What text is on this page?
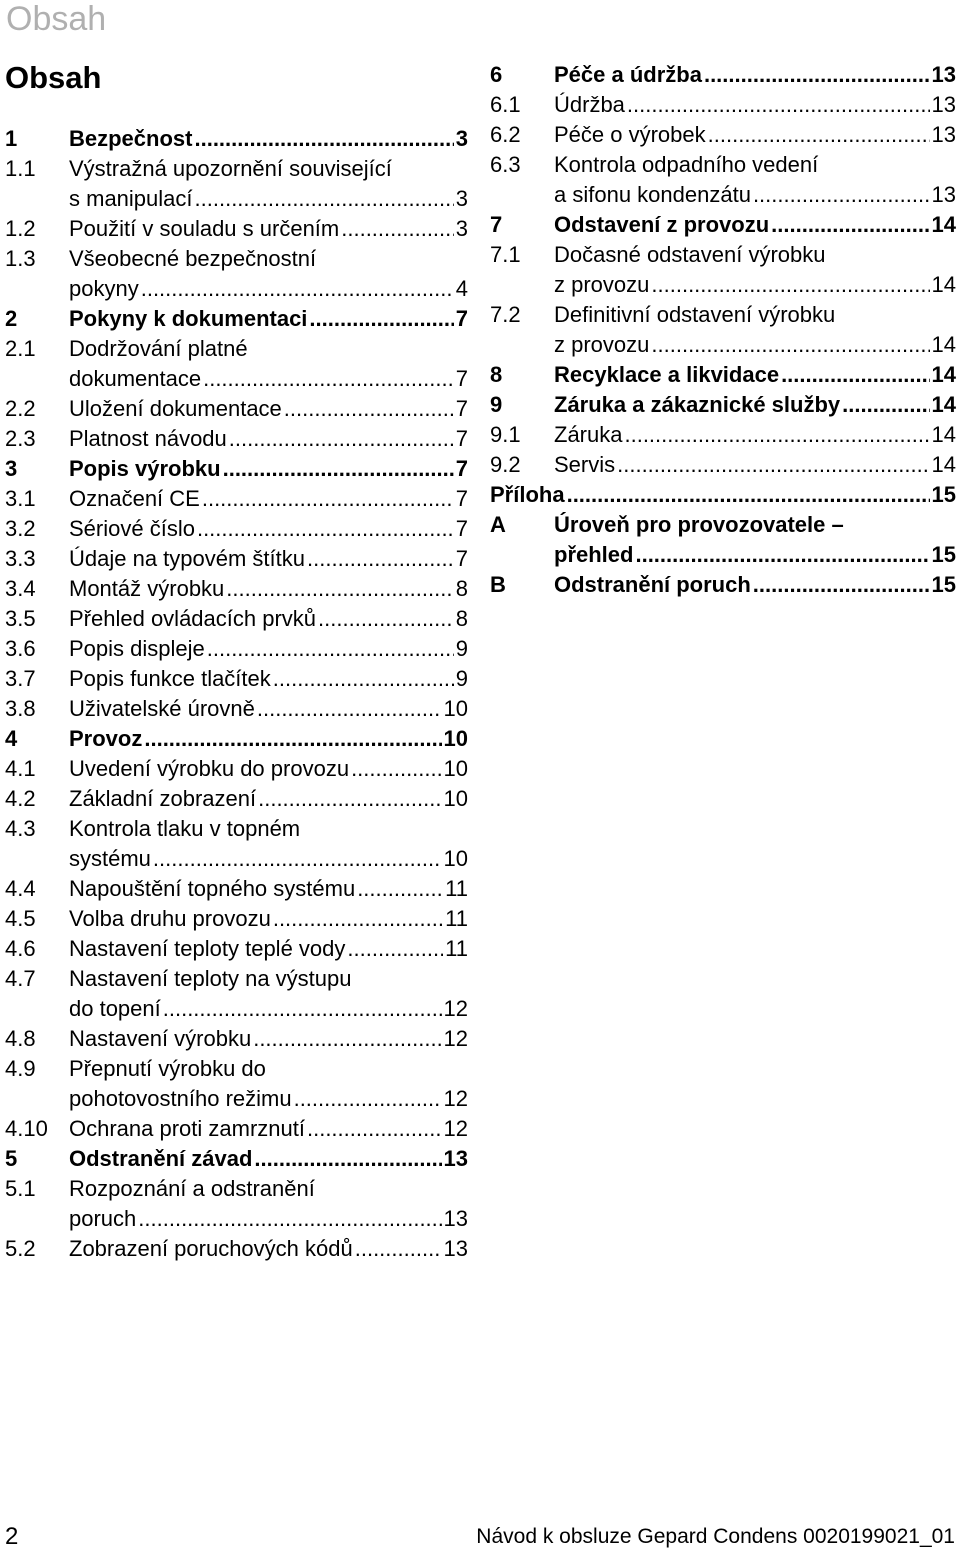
Obsah
Obsah
1 Bezpečnost .....	3
1.1 Výstražná upozornění související
s manipulací .....	3
1.2 Použití v souladu s určením .....	3
1.3 Všeobecné bezpečnostní
pokyny .....	4
2 Pokyny k dokumentaci .....	7
2.1 Dodržování platné
dokumentace .....	7
2.2 Uložení dokumentace .....	7
2.3 Platnost návodu .....	7
3 Popis výrobku .....	7
3.1 Označení CE .....	7
3.2 Sériové číslo .....	7
3.3 Údaje na typovém štítku .....	7
3.4 Montáž výrobku .....	8
3.5 Přehled ovládacích prvků .....	8
3.6 Popis displeje .....	9
3.7 Popis funkce tlačítek .....	9
3.8 Uživatelské úrovně .....	10
4 Provoz .....	10
4.1 Uvedení výrobku do provozu .....	10
4.2 Základní zobrazení .....	10
4.3 Kontrola tlaku v topném
systému .....	10
4.4 Napouštění topného systému .....	11
4.5 Volba druhu provozu .....	11
4.6 Nastavení teploty teplé vody .....	11
4.7 Nastavení teploty na výstupu
do topení .....	12
4.8 Nastavení výrobku .....	12
4.9 Přepnutí výrobku do
pohotovostního režimu .....	12
4.10 Ochrana proti zamrznutí .....	12
5 Odstranění závad .....	13
5.1 Rozpoznání a odstranění
poruch .....	13
5.2 Zobrazení poruchových kódů .....	13
6 Péče a údržba .....	13
6.1 Údržba .....	13
6.2 Péče o výrobek .....	13
6.3 Kontrola odpadního vedení
a sifonu kondenzátu .....	13
7 Odstavení z provozu .....	14
7.1 Dočasné odstavení výrobku
z provozu .....	14
7.2 Definitivní odstavení výrobku
z provozu .....	14
8 Recyklace a likvidace .....	14
9 Záruka a zákaznické služby .....	14
9.1 Záruka .....	14
9.2 Servis .....	14
Příloha .....	15
A Úroveň pro provozovatele –
přehled .....	15
B Odstranění poruch .....	15
2	Návod k obsluze Gepard Condens 0020199021_01
